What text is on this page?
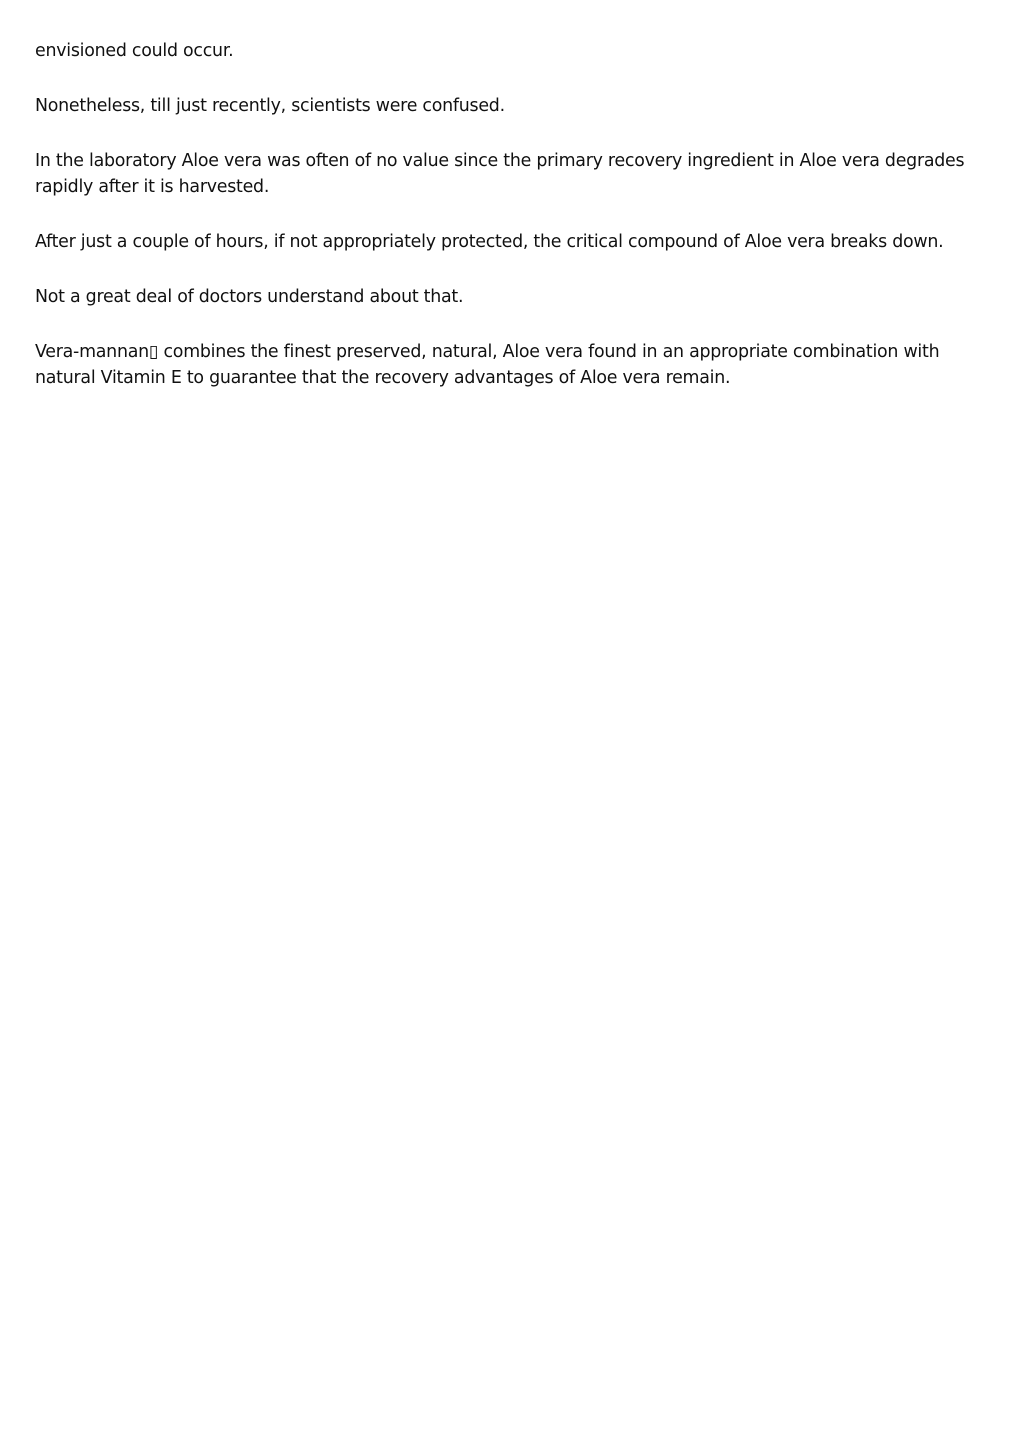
envisioned could occur.

Nonetheless, till just recently, scientists were confused.

In the laboratory Aloe vera was often of no value since the primary recovery ingredient in Aloe vera degrades rapidly after it is harvested.

After just a couple of hours, if not appropriately protected, the critical compound of Aloe vera breaks down.

Not a great deal of doctors understand about that.

Vera-mannan▯ combines the finest preserved, natural, Aloe vera found in an appropriate combination with natural Vitamin E to guarantee that the recovery advantages of Aloe vera remain.
